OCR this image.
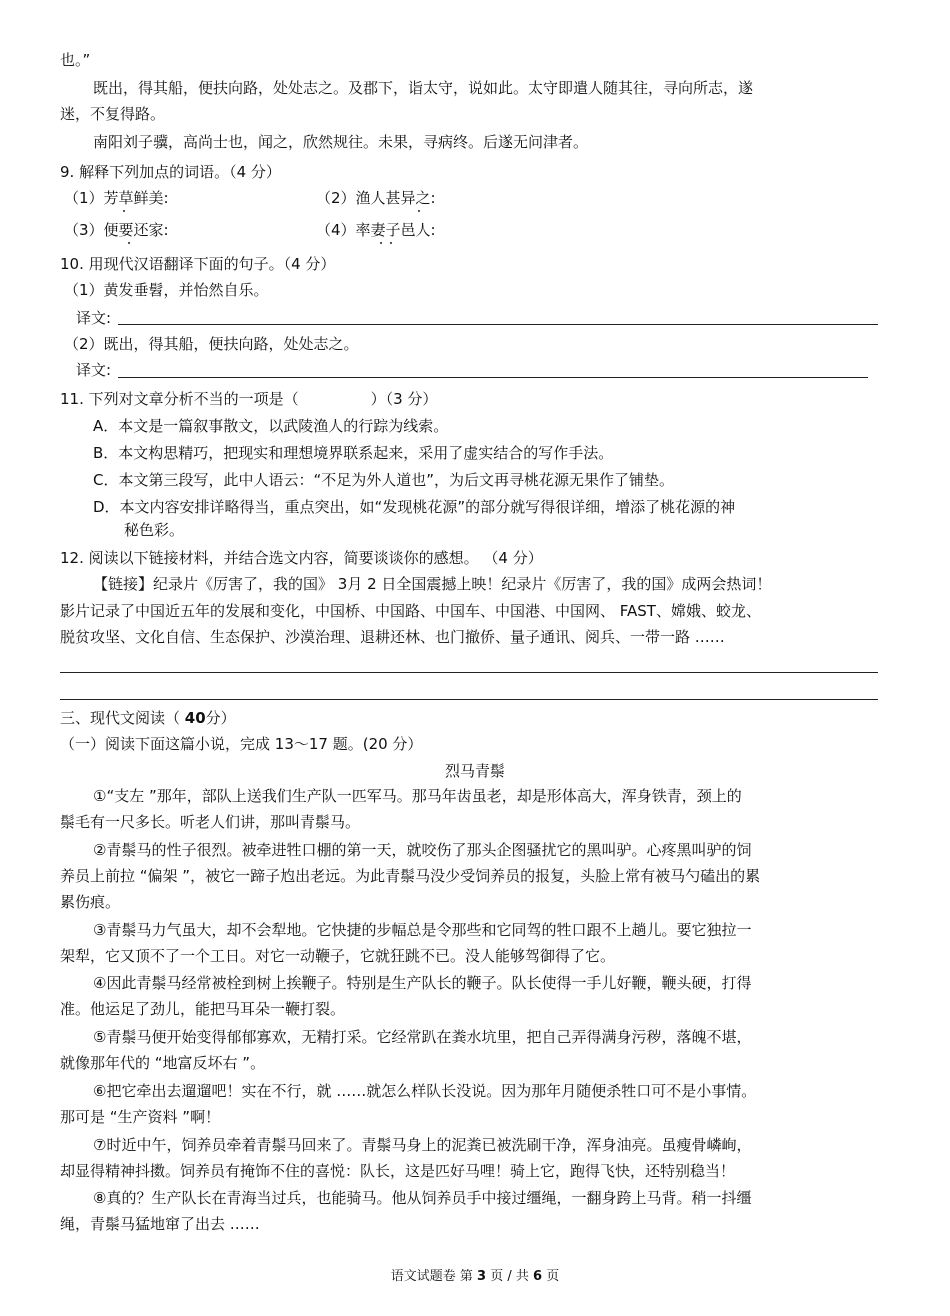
也。”
既出，得其船，便扶向路，处处志之。及郡下，诣太守，说如此。太守即遣人随其往，寻向所志，遂
迷，不复得路。
南阳刘子骥，高尚士也，闻之，欣然规往。未果，寻病终。后遂无问津者。
9. 解释下列加点的词语。（4 分）
（1）芳草鲜美:	（2）渔人甚异之:
（3）便要还家:	（4）率妻子邑人:
10. 用现代汉语翻译下面的句子。（4 分）
（1）黄发垂髫，并怡然自乐。
译文:
（2）既出，得其船，便扶向路，处处志之。
译文:
11. 下列对文章分析不当的一项是（	）（3 分）
A．本文是一篇叙事散文，以武陵渔人的行踪为线索。
B．本文构思精巧，把现实和理想境界联系起来，采用了虚实结合的写作手法。
C．本文第三段写，此中人语云：“不足为外人道也”，为后文再寻桃花源无果作了铺垫。
D．本文内容安排详略得当，重点突出，如“发现桃花源”的部分就写得很详细，增添了桃花源的神
秘色彩。
12. 阅读以下链接材料，并结合选文内容，简要谈谈你的感想。 （4 分）
【链接】纪录片《厉害了，我的国》 3月 2 日全国震撼上映！纪录片《厉害了，我的国》成两会热词！
影片记录了中国近五年的发展和变化，中国桥、中国路、中国车、中国港、中国网、 FAST、嫦娥、蛟龙、
脱贫攻坚、文化自信、生态保护、沙漠治理、退耕还林、也门撤侨、量子通讯、阅兵、一带一路 ……
三、现代文阅读（ 40分）
（一）阅读下面这篇小说，完成 13～17 题。(20 分）
烈马青鬃
①“支左 ”那年，部队上送我们生产队一匹军马。那马年齿虽老，却是形体高大，浑身铁青，颈上的
鬃毛有一尺多长。听老人们讲，那叫青鬃马。
②青鬃马的性子很烈。被牵进牲口棚的第一天，就咬伤了那头企图骚扰它的黑叫驴。心疼黑叫驴的饲
养员上前拉 “偏架 ”，被它一蹄子尥出老远。为此青鬃马没少受饲养员的报复，头脸上常有被马勺磕出的累
累伤痕。
③青鬃马力气虽大，却不会犁地。它快捷的步幅总是令那些和它同驾的牲口跟不上趟儿。要它独拉一
架犁，它又顶不了一个工日。对它一动鞭子，它就狂跳不已。没人能够驾御得了它。
④因此青鬃马经常被栓到树上挨鞭子。特别是生产队长的鞭子。队长使得一手儿好鞭，鞭头硬，打得
准。他运足了劲儿，能把马耳朵一鞭打裂。
⑤青鬃马便开始变得郁郁寡欢，无精打采。它经常趴在粪水坑里，把自己弄得满身污秽，落魄不堪，
就像那年代的 “地富反坏右 ”。
⑥把它牵出去遛遛吧！实在不行，就 ……就怎么样队长没说。因为那年月随便杀牲口可不是小事情。
那可是 “生产资料 ”啊！
⑦时近中午，饲养员牵着青鬃马回来了。青鬃马身上的泥粪已被洗刷干净，浑身油亮。虽瘦骨嶙峋，
却显得精神抖擞。饲养员有掩饰不住的喜悦：队长，这是匹好马哩！骑上它，跑得飞快，还特别稳当！
⑧真的？生产队长在青海当过兵，也能骑马。他从饲养员手中接过缰绳，一翻身跨上马背。稍一抖缰
绳，青鬃马猛地窜了出去 ……
语文试题卷 第 3 页 / 共 6 页
